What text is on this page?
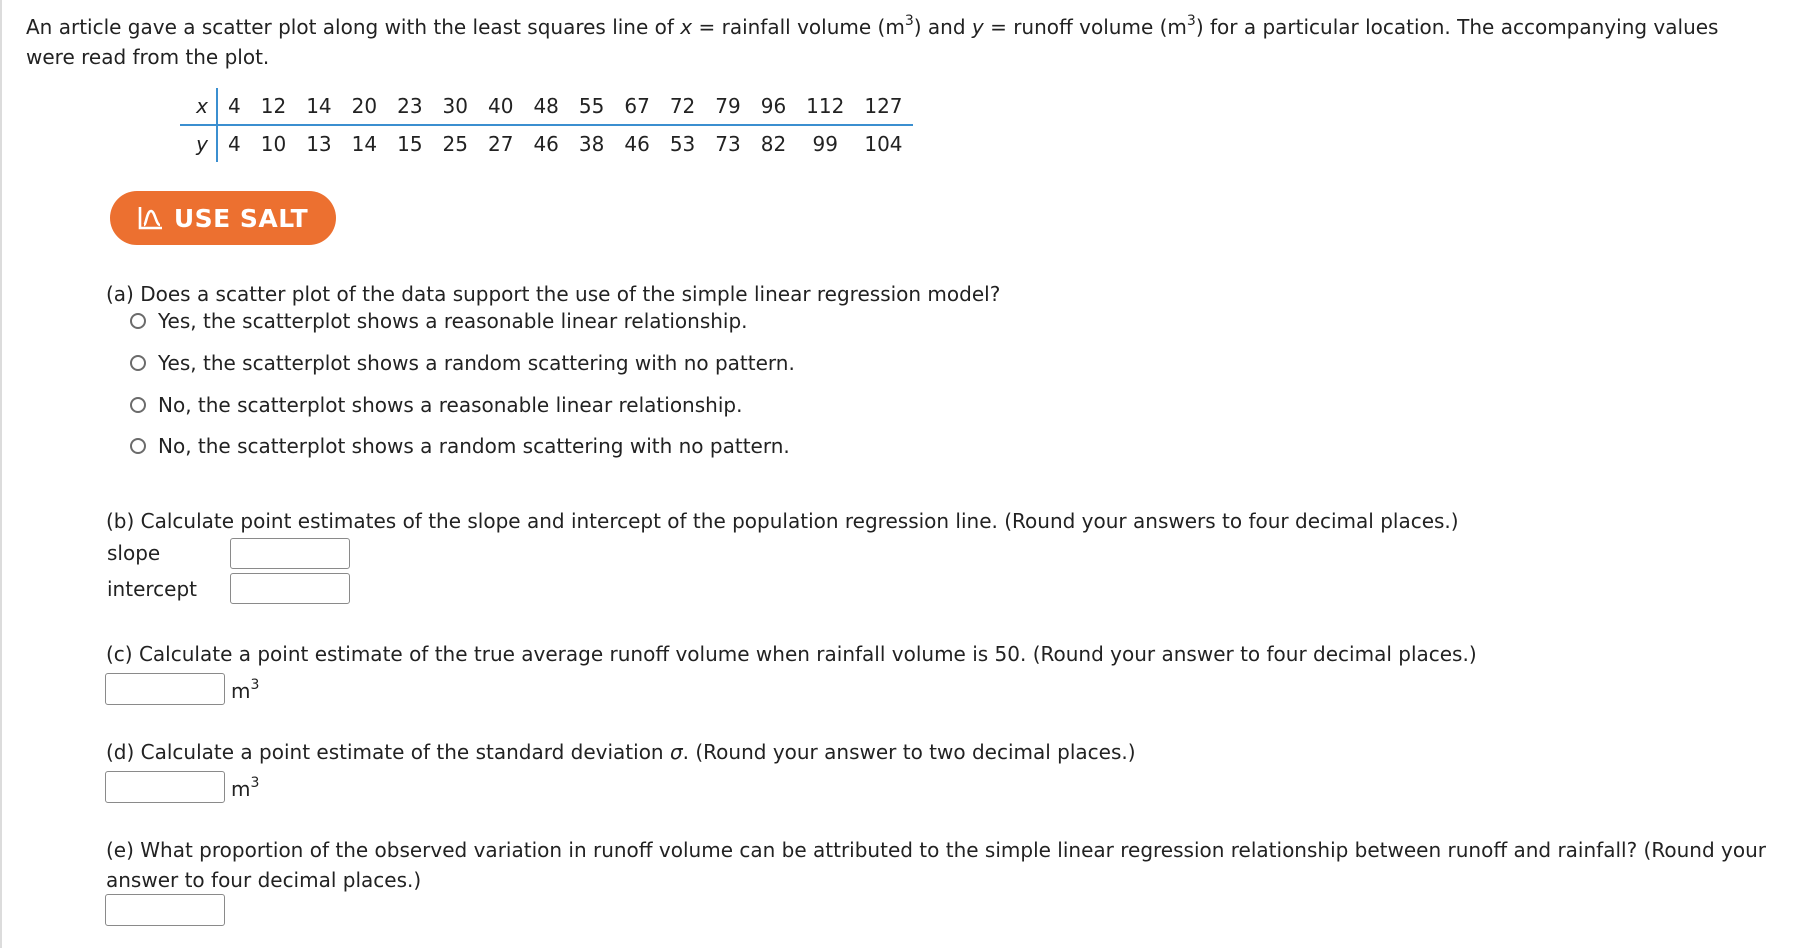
An article gave a scatter plot along with the least squares line of x = rainfall volume $(m^3)$ and y = runoff volume $(m^3)$ for a particular location. The accompanying values were read from the plot.
x	4	12	14	20	23	30	40	48	55	67	72	79	96	112	127
y	4	10	13	14	15	25	27	46	38	46	53	73	82	99	104
USE SALT
(a) Does a scatter plot of the data support the use of the simple linear regression model?
Yes, the scatterplot shows a reasonable linear relationship.
Yes, the scatterplot shows a random scattering with no pattern.
No, the scatterplot shows a reasonable linear relationship.
No, the scatterplot shows a random scattering with no pattern.
(b) Calculate point estimates of the slope and intercept of the population regression line. (Round your answers to four decimal places.)
slope
intercept
(c) Calculate a point estimate of the true average runoff volume when rainfall volume is 50. (Round your answer to four decimal places.)
$m^3$
(d) Calculate a point estimate of the standard deviation σ. (Round your answer to two decimal places.)
$m^3$
(e) What proportion of the observed variation in runoff volume can be attributed to the simple linear regression relationship between runoff and rainfall? (Round your answer to four decimal places.)
